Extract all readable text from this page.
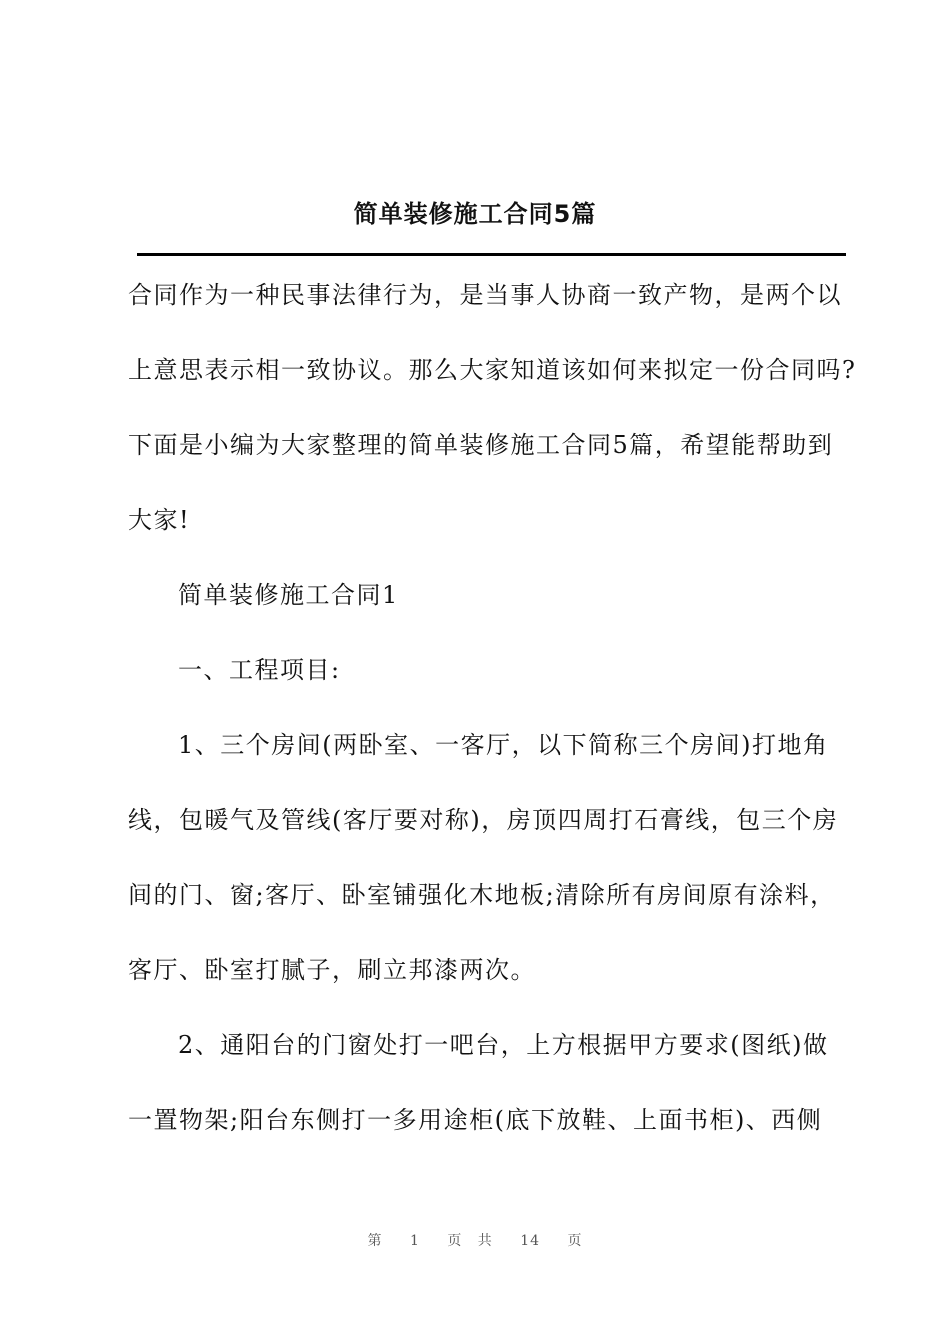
简单装修施工合同5篇
合同作为一种民事法律行为，是当事人协商一致产物，是两个以
上意思表示相一致协议。那么大家知道该如何来拟定一份合同吗?
下面是小编为大家整理的简单装修施工合同5篇，希望能帮助到
大家!
简单装修施工合同1
一、工程项目:
1、三个房间(两卧室、一客厅，以下简称三个房间)打地角
线，包暖气及管线(客厅要对称)，房顶四周打石膏线，包三个房
间的门、窗;客厅、卧室铺强化木地板;清除所有房间原有涂料，
客厅、卧室打腻子，刷立邦漆两次。
2、通阳台的门窗处打一吧台，上方根据甲方要求(图纸)做
一置物架;阳台东侧打一多用途柜(底下放鞋、上面书柜)、西侧
第 1 页 共 14 页
